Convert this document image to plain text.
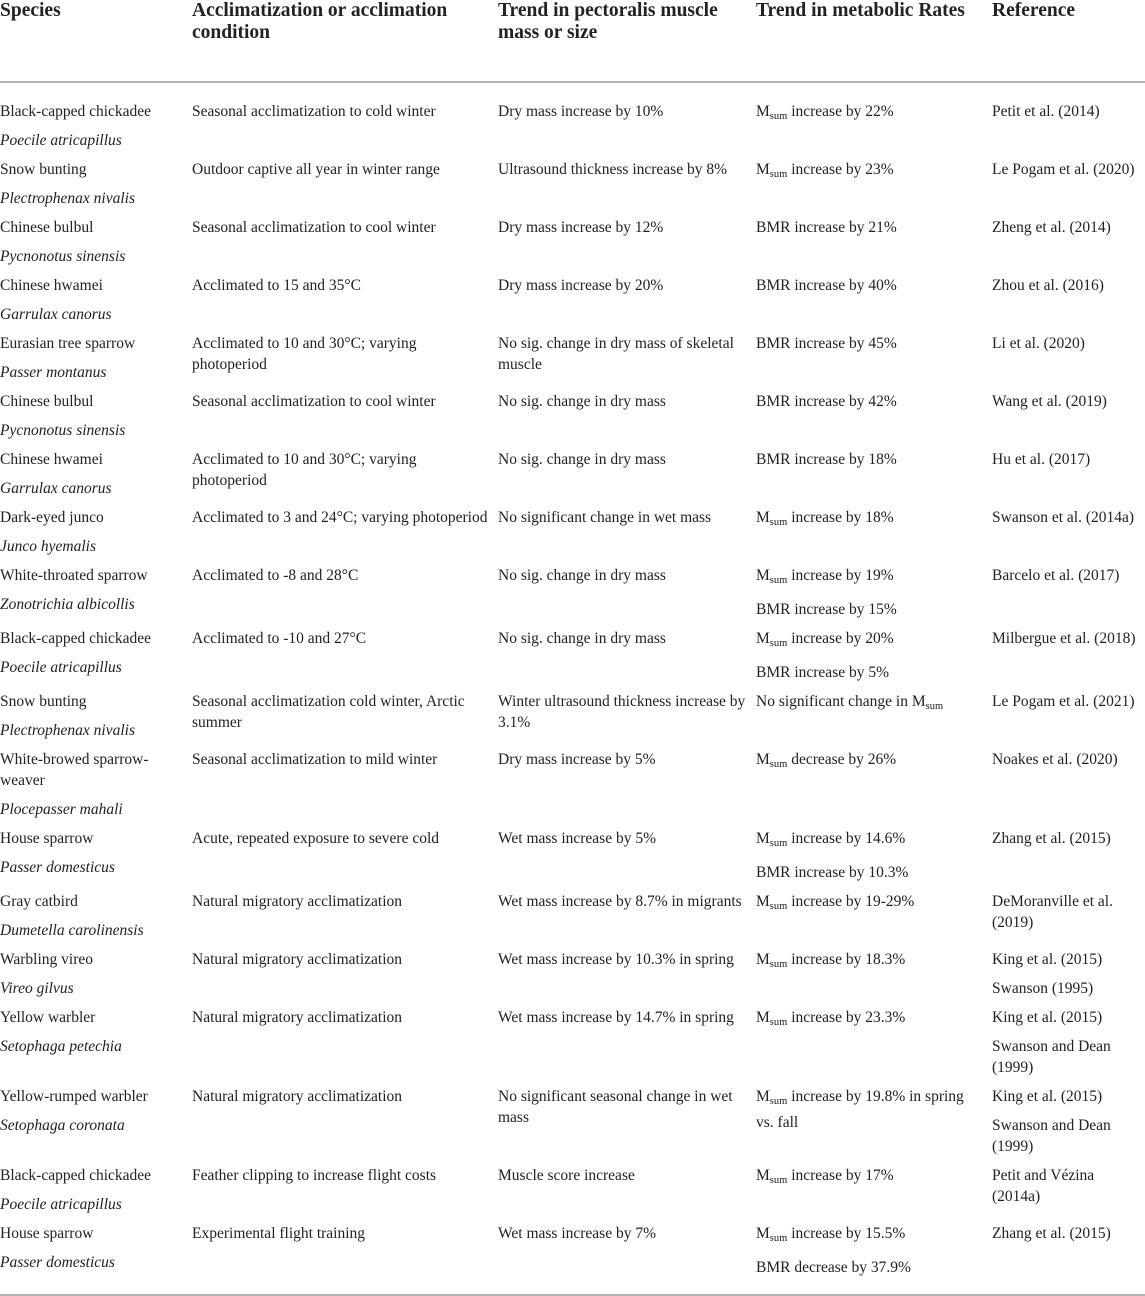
Species	Acclimatization or acclimation condition	Trend in pectoralis muscle mass or size	Trend in metabolic Rates	Reference

Black-capped chickadee
Poecile atricapillus	Seasonal acclimatization to cold winter	Dry mass increase by 10%	$M_{sum}$ increase by 22%	Petit et al. (2014)

Snow bunting
Plectrophenax nivalis	Outdoor captive all year in winter range	Ultrasound thickness increase by 8%	$M_{sum}$ increase by 23%	Le Pogam et al. (2020)

Chinese bulbul
Pycnonotus sinensis	Seasonal acclimatization to cool winter	Dry mass increase by 12%	BMR increase by 21%	Zheng et al. (2014)

Chinese hwamei
Garrulax canorus	Acclimated to 15 and 35°C	Dry mass increase by 20%	BMR increase by 40%	Zhou et al. (2016)

Eurasian tree sparrow
Passer montanus	Acclimated to 10 and 30°C; varying photoperiod	No sig. change in dry mass of skeletal muscle	BMR increase by 45%	Li et al. (2020)

Chinese bulbul
Pycnonotus sinensis	Seasonal acclimatization to cool winter	No sig. change in dry mass	BMR increase by 42%	Wang et al. (2019)

Chinese hwamei
Garrulax canorus	Acclimated to 10 and 30°C; varying photoperiod	No sig. change in dry mass	BMR increase by 18%	Hu et al. (2017)

Dark-eyed junco
Junco hyemalis	Acclimated to 3 and 24°C; varying photoperiod	No significant change in wet mass	$M_{sum}$ increase by 18%	Swanson et al. (2014a)

White-throated sparrow
Zonotrichia albicollis	Acclimated to -8 and 28°C	No sig. change in dry mass	$M_{sum}$ increase by 19%
BMR increase by 15%	Barcelo et al. (2017)

Black-capped chickadee
Poecile atricapillus	Acclimated to -10 and 27°C	No sig. change in dry mass	$M_{sum}$ increase by 20%
BMR increase by 5%	Milbergue et al. (2018)

Snow bunting
Plectrophenax nivalis	Seasonal acclimatization cold winter, Arctic summer	Winter ultrasound thickness increase by 3.1%	No significant change in $M_{sum}$	Le Pogam et al. (2021)

White-browed sparrow-weaver
Plocepasser mahali	Seasonal acclimatization to mild winter	Dry mass increase by 5%	$M_{sum}$ decrease by 26%	Noakes et al. (2020)

House sparrow
Passer domesticus	Acute, repeated exposure to severe cold	Wet mass increase by 5%	$M_{sum}$ increase by 14.6%
BMR increase by 10.3%	Zhang et al. (2015)

Gray catbird
Dumetella carolinensis	Natural migratory acclimatization	Wet mass increase by 8.7% in migrants	$M_{sum}$ increase by 19-29%	DeMoranville et al. (2019)

Warbling vireo
Vireo gilvus	Natural migratory acclimatization	Wet mass increase by 10.3% in spring	$M_{sum}$ increase by 18.3%	King et al. (2015)
Swanson (1995)

Yellow warbler
Setophaga petechia	Natural migratory acclimatization	Wet mass increase by 14.7% in spring	$M_{sum}$ increase by 23.3%	King et al. (2015)
Swanson and Dean (1999)

Yellow-rumped warbler
Setophaga coronata	Natural migratory acclimatization	No significant seasonal change in wet mass	$M_{sum}$ increase by 19.8% in spring vs. fall	King et al. (2015)
Swanson and Dean (1999)

Black-capped chickadee
Poecile atricapillus	Feather clipping to increase flight costs	Muscle score increase	$M_{sum}$ increase by 17%	Petit and Vézina (2014a)

House sparrow
Passer domesticus	Experimental flight training	Wet mass increase by 7%	$M_{sum}$ increase by 15.5%
BMR decrease by 37.9%	Zhang et al. (2015)
